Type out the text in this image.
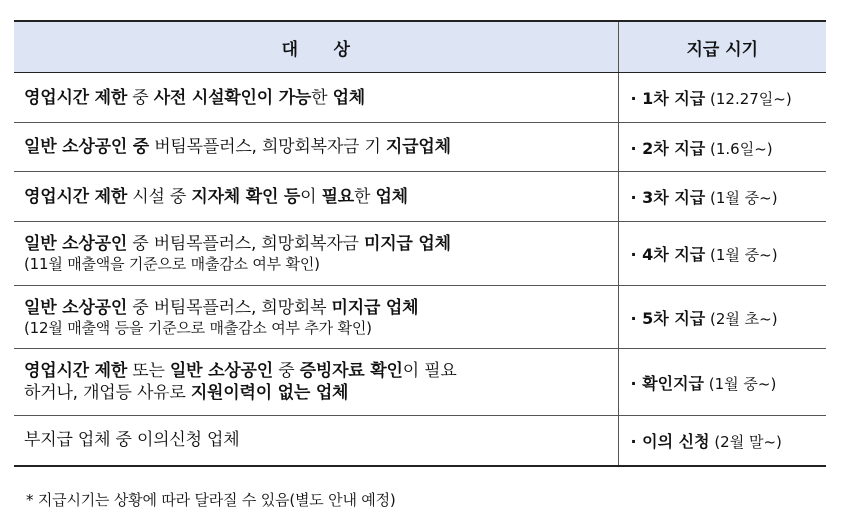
대      상	지급 시기

영업시간 제한 중 사전 시설확인이 가능한 업체	· 1차 지급 (12.27일~)

일반 소상공인 중 버팀목플러스, 희망회복자금 기 지급업체	· 2차 지급 (1.6일~)

영업시간 제한 시설 중 지자체 확인 등이 필요한 업체	· 3차 지급 (1월 중~)

일반 소상공인 중 버팀목플러스, 희망회복자금 미지급 업체
(11월 매출액을 기준으로 매출감소 여부 확인)	· 4차 지급 (1월 중~)

일반 소상공인 중 버팀목플러스, 희망회복 미지급 업체
(12월 매출액 등을 기준으로 매출감소 여부 추가 확인)	· 5차 지급 (2월 초~)

영업시간 제한 또는 일반 소상공인 중 증빙자료 확인이 필요
하거나, 개업등 사유로 지원이력이 없는 업체	· 확인지급 (1월 중~)

부지급 업체 중 이의신청 업체	· 이의 신청 (2월 말~)
* 지급시기는 상황에 따라 달라질 수 있음(별도 안내 예정)
